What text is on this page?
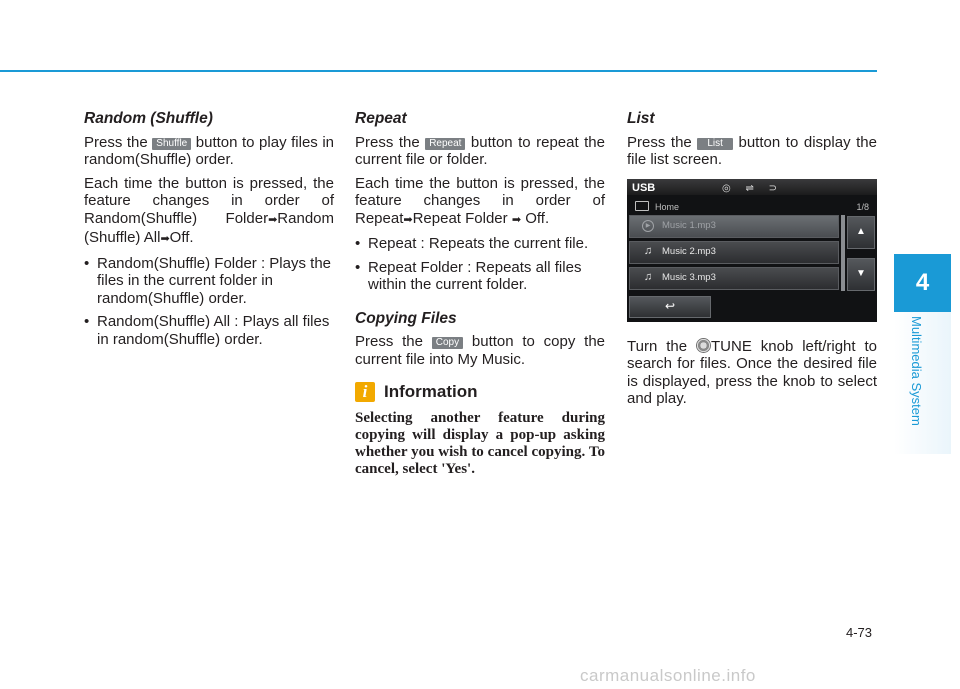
Random (Shuffle)

Press the Shuffle button to play files in random(Shuffle) order.

Each time the button is pressed, the feature changes in order of Random(Shuffle) Folder➡Random (Shuffle) All➡Off.

• Random(Shuffle) Folder : Plays the files in the current folder in random(Shuffle) order.
• Random(Shuffle) All : Plays all files in random(Shuffle) order.
Repeat

Press the Repeat button to repeat the current file or folder.

Each time the button is pressed, the feature changes in order of Repeat➡Repeat Folder ➡ Off.

• Repeat : Repeats the current file.
• Repeat Folder : Repeats all files within the current folder.
Copying Files

Press the Copy button to copy the current file into My Music.

i Information

Selecting another feature during copying will display a pop-up asking whether you wish to cancel copying. To cancel, select 'Yes'.

List

Press the List button to display the file list screen.

USB	◎ ⇌ ⊃
Home	1/8
▶	Music 1.mp3
♫	Music 2.mp3
♫	Music 3.mp3
▲
▼
↩

Turn the TUNE knob left/right to search for files. Once the desired file is displayed, press the knob to select and play.

4
Multimedia System
4-73
carmanualsonline.info
